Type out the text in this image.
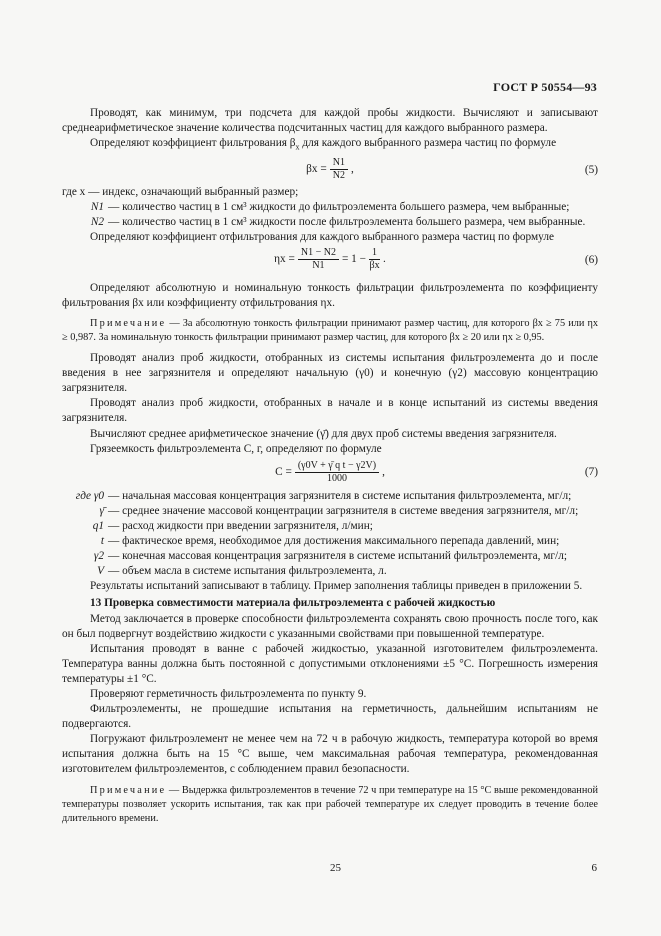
ГОСТ Р 50554—93

Проводят, как минимум, три подсчета для каждой пробы жидкости. Вычисляют и записывают среднеарифметическое значение количества подсчитанных частиц для каждого выбранного размера.

Определяют коэффициент фильтрования $\beta_x$ для каждого выбранного размера частиц по формуле

$\beta x = \frac{N1}{N2}$ ,	(5)

где x — индекс, означающий выбранный размер;

N1 — количество частиц в 1 см³ жидкости до фильтроэлемента большего размера, чем выбранные;
N2 — количество частиц в 1 см³ жидкости после фильтроэлемента большего размера, чем выбранные.

Определяют коэффициент отфильтрования для каждого выбранного размера частиц по формуле

$\eta x = \frac{N1 - N2}{N1} = 1 - \frac{1}{\beta x}$ .	(6)

Определяют абсолютную и номинальную тонкость фильтрации фильтроэлемента по коэффициенту фильтрования βx или коэффициенту отфильтрования ηx.

Примечание — За абсолютную тонкость фильтрации принимают размер частиц, для которого βx ≥ 75 или ηx ≥ 0,987. За номинальную тонкость фильтрации принимают размер частиц, для которого βx ≥ 20 или ηx ≥ 0,95.

Проводят анализ проб жидкости, отобранных из системы испытания фильтроэлемента до и после введения в нее загрязнителя и определяют начальную (γ0) и конечную (γ2) массовую концентрацию загрязнителя.

Проводят анализ проб жидкости, отобранных в начале и в конце испытаний из системы введения загрязнителя.

Вычисляют среднее арифметическое значение (γ̄) для двух проб системы введения загрязнителя.

Грязеемкость фильтроэлемента C, г, определяют по формуле

$C = \frac{\text{(γ0V + γ̄ q t − γ2V)}}{1000}$ ,	(7)
где γ0 — начальная массовая концентрация загрязнителя в системе испытания фильтроэлемента, мг/л;
γ̄ — среднее значение массовой концентрации загрязнителя в системе введения загрязнителя, мг/л;
q1 — расход жидкости при введении загрязнителя, л/мин;
t — фактическое время, необходимое для достижения максимального перепада давлений, мин;
γ2 — конечная массовая концентрация загрязнителя в системе испытаний фильтроэлемента, мг/л;
V — объем масла в системе испытания фильтроэлемента, л.

Результаты испытаний записывают в таблицу. Пример заполнения таблицы приведен в приложении 5.

13 Проверка совместимости материала фильтроэлемента с рабочей жидкостью

Метод заключается в проверке способности фильтроэлемента сохранять свою прочность после того, как он был подвергнут воздействию жидкости с указанными свойствами при повышенной температуре.

Испытания проводят в ванне с рабочей жидкостью, указанной изготовителем фильтроэлемента. Температура ванны должна быть постоянной с допустимыми отклонениями ±5 °С. Погрешность измерения температуры ±1 °С.

Проверяют герметичность фильтроэлемента по пункту 9.

Фильтроэлементы, не прошедшие испытания на герметичность, дальнейшим испытаниям не подвергаются.

Погружают фильтроэлемент не менее чем на 72 ч в рабочую жидкость, температура которой во время испытания должна быть на 15 °С выше, чем максимальная рабочая температура, рекомендованная изготовителем фильтроэлементов, с соблюдением правил безопасности.

Примечание — Выдержка фильтроэлементов в течение 72 ч при температуре на 15 °С выше рекомендованной температуры позволяет ускорить испытания, так как при рабочей температуре их следует проводить в течение более длительного времени.

25	6
